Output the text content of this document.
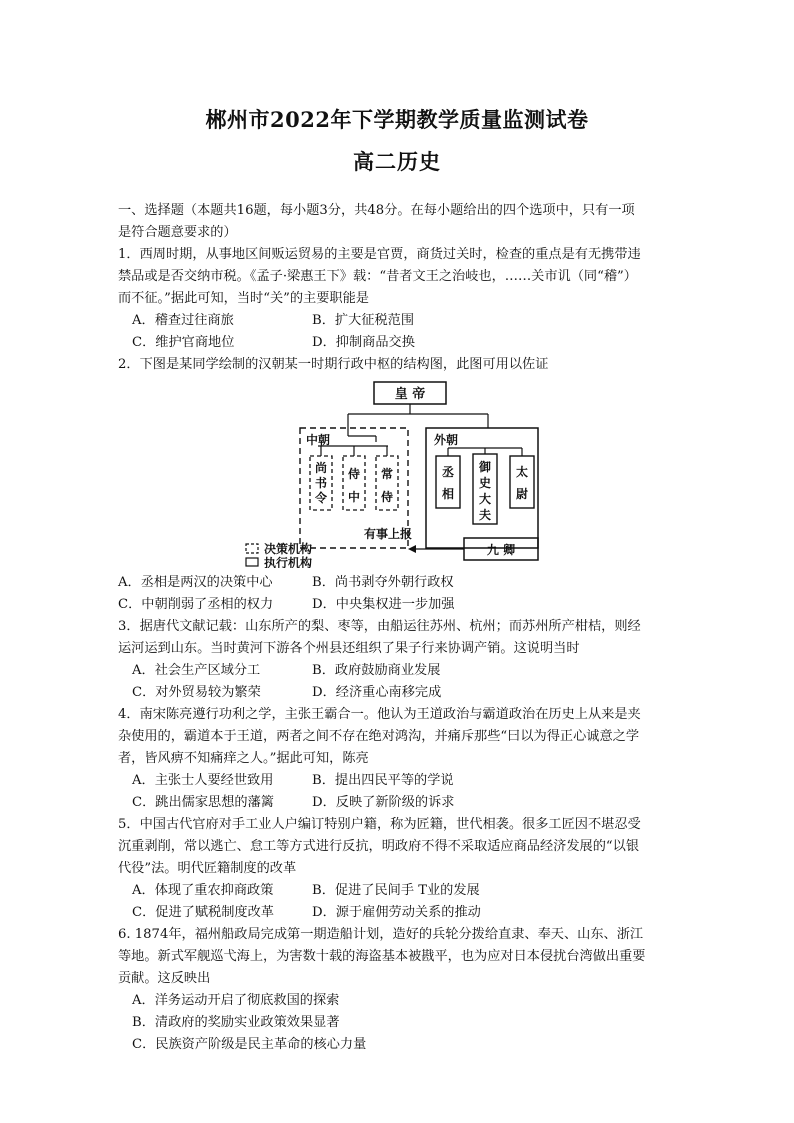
郴州市2022年下学期教学质量监测试卷
高二历史
一、选择题（本题共16题，每小题3分，共48分。在每小题给出的四个选项中，只有一项
是符合题意要求的）
1．西周时期，从事地区间贩运贸易的主要是官贾，商货过关时，检查的重点是有无携带违
禁品或是否交纳市税。《孟子·梁惠王下》载：“昔者文王之治岐也，……关市讥（同“稽”）
而不征。”据此可知，当时“关”的主要职能是
A．稽查过往商旅	B．扩大征税范围
C．维护官商地位	D．抑制商品交换
2．下图是某同学绘制的汉朝某一时期行政中枢的结构图，此图可用以佐证
皇 帝
中朝
尚书令
侍中
常侍
外朝
丞相
御史大夫
太尉
九 卿
有事上报
决策机构
执行机构
A．丞相是两汉的决策中心	B．尚书剥夺外朝行政权
C．中朝削弱了丞相的权力	D．中央集权进一步加强
3．据唐代文献记载：山东所产的梨、枣等，由船运往苏州、杭州；而苏州所产柑桔，则经
运河运到山东。当时黄河下游各个州县还组织了果子行来协调产销。这说明当时
A．社会生产区域分工	B．政府鼓励商业发展
C．对外贸易较为繁荣	D．经济重心南移完成
4．南宋陈亮遵行功利之学，主张王霸合一。他认为王道政治与霸道政治在历史上从来是夹
杂使用的，霸道本于王道，两者之间不存在绝对鸿沟，并痛斥那些“曰以为得正心诚意之学
者，皆风痹不知痛痒之人。”据此可知，陈亮
A．主张士人要经世致用	B．提出四民平等的学说
C．跳出儒家思想的藩篱	D．反映了新阶级的诉求
5．中国古代官府对手工业人户编订特别户籍，称为匠籍，世代相袭。很多工匠因不堪忍受
沉重剥削，常以逃亡、怠工等方式进行反抗，明政府不得不采取适应商品经济发展的“以银
代役”法。明代匠籍制度的改革
A．体现了重农抑商政策	B．促进了民间手 T业的发展
C．促进了赋税制度改革	D．源于雇佣劳动关系的推动
6. 1874年，福州船政局完成第一期造船计划，造好的兵轮分拨给直隶、奉天、山东、浙江
等地。新式军舰巡弋海上，为害数十载的海盗基本被戡平，也为应对日本侵扰台湾做出重要
贡献。这反映出
A．洋务运动开启了彻底救国的探索
B．清政府的奖励实业政策效果显著
C．民族资产阶级是民主革命的核心力量
